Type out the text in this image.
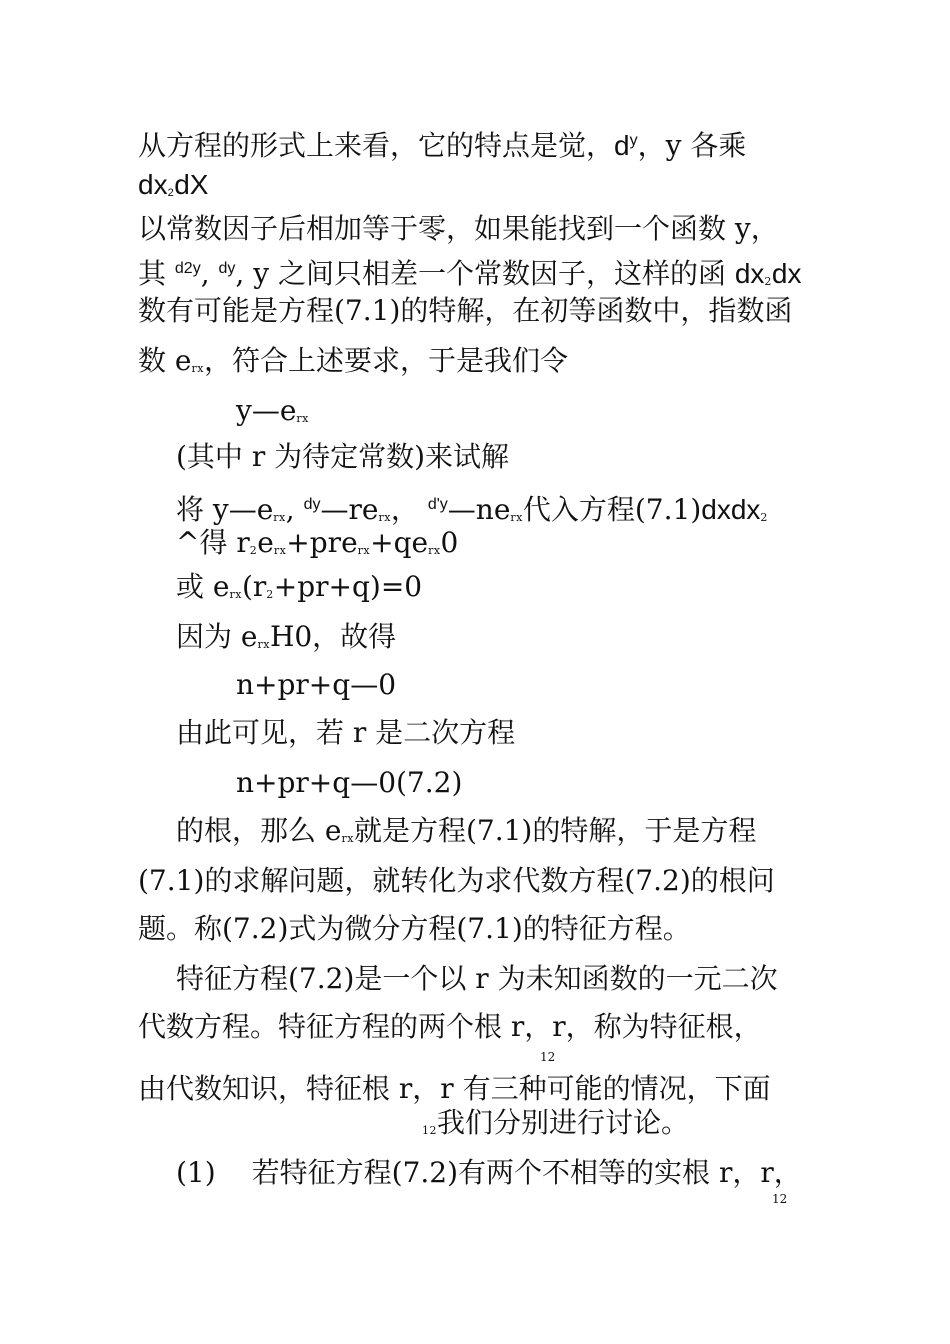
从方程的形式上来看，它的特点是觉，$d^y$，y 各乘
dx2dX
以常数因子后相加等于零，如果能找到一个函数 y，
其 $^{d2y}$, $^{dy}$, y 之间只相差一个常数因子，这样的函 dx2dx
数有可能是方程(7.1)的特解，在初等函数中，指数函
数 erx，符合上述要求，于是我们令
y—erx
(其中 r 为待定常数)来试解
将 y—erx, $^{dy}$—rerx， $^{d'y}$—nerx代入方程(7.1)dxdx2
^得 r2erx+prerx+qerx0
或 erx(r2+pr+q)=0
因为 erxH0，故得
n+pr+q—0
由此可见，若 r 是二次方程
n+pr+q—0(7.2)
的根，那么 erx就是方程(7.1)的特解，于是方程
(7.1)的求解问题，就转化为求代数方程(7.2)的根问
题。称(7.2)式为微分方程(7.1)的特征方程。
特征方程(7.2)是一个以 r 为未知函数的一元二次
代数方程。特征方程的两个根 r，r，称为特征根，
12
由代数知识，特征根 r，r 有三种可能的情况，下面
12我们分别进行讨论。
(1) 若特征方程(7.2)有两个不相等的实根 r，r，
12
